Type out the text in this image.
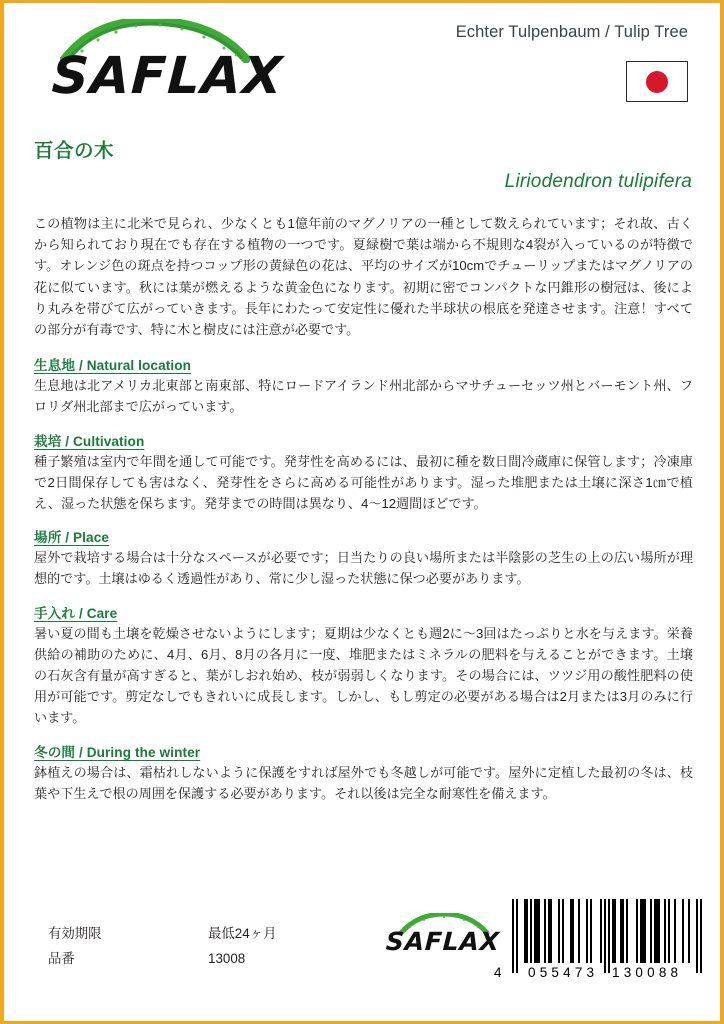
SAFLAX
Echter Tulpenbaum / Tulip Tree
百合の木
Liriodendron tulipifera

この植物は主に北米で見られ、少なくとも1億年前のマグノリアの一種として数えられています；それ故、古くから知られており現在でも存在する植物の一つです。夏緑樹で葉は端から不規則な4裂が入っているのが特徴です。オレンジ色の斑点を持つコップ形の黄緑色の花は、平均のサイズが10cmでチューリップまたはマグノリアの花に似ています。秋には葉が燃えるような黄金色になります。初期に密でコンパクトな円錐形の樹冠は、後により丸みを帯びて広がっていきます。長年にわたって安定性に優れた半球状の根底を発達させます。注意！すべての部分が有毒です、特に木と樹皮には注意が必要です。

生息地 / Natural location

生息地は北アメリカ北東部と南東部、特にロードアイランド州北部からマサチューセッツ州とバーモント州、フロリダ州北部まで広がっています。

栽培 / Cultivation

種子繁殖は室内で年間を通して可能です。発芽性を高めるには、最初に種を数日間冷蔵庫に保管します；冷凍庫で2日間保存しても害はなく、発芽性をさらに高める可能性があります。湿った堆肥または土壌に深さ1㎝で植え、湿った状態を保ちます。発芽までの時間は異なり、4～12週間ほどです。

場所 / Place

屋外で栽培する場合は十分なスペースが必要です；日当たりの良い場所または半陰影の芝生の上の広い場所が理想的です。土壌はゆるく透過性があり、常に少し湿った状態に保つ必要があります。

手入れ / Care

暑い夏の間も土壌を乾燥させないようにします；夏期は少なくとも週2に～3回はたっぷりと水を与えます。栄養供給の補助のために、4月、6月、8月の各月に一度、堆肥またはミネラルの肥料を与えることができます。土壌の石灰含有量が高すぎると、葉がしおれ始め、枝が弱弱しくなります。その場合には、ツツジ用の酸性肥料の使用が可能です。剪定なしでもきれいに成長します。しかし、もし剪定の必要がある場合は2月または3月のみに行います。

冬の間 / During the winter

鉢植えの場合は、霜枯れしないように保護をすれば屋外でも冬越しが可能です。屋外に定植した最初の冬は、枝葉や下生えで根の周囲を保護する必要があります。それ以後は完全な耐寒性を備えます。

有効期限	最低24ヶ月
品番	13008
SAFLAX
4 055473 130088
